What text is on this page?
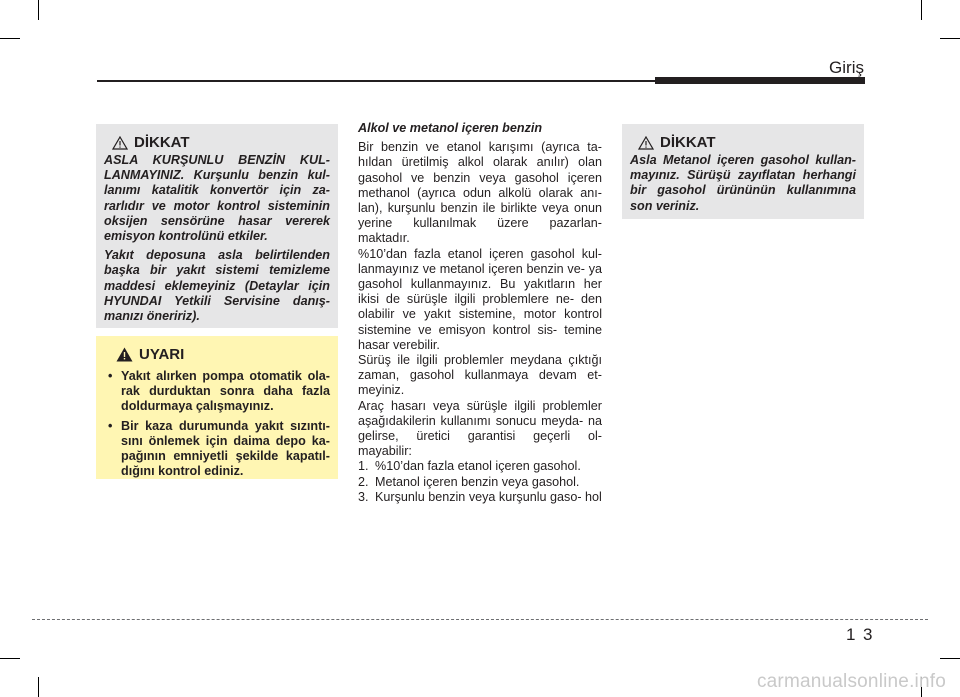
Giriş
DİKKAT

ASLA KURŞUNLU BENZİN KUL- LANMAYINIZ. Kurşunlu benzin kul- lanımı katalitik konvertör için za- rarlıdır ve motor kontrol sisteminin oksijen sensörüne hasar vererek emisyon kontrolünü etkiler.

Yakıt deposuna asla belirtilenden başka bir yakıt sistemi temizleme maddesi eklemeyiniz (Detaylar için HYUNDAI Yetkili Servisine danış- manızı öneririz).

UYARI
• Yakıt alırken pompa otomatik ola- rak durduktan sonra daha fazla doldurmaya çalışmayınız.
• Bir kaza durumunda yakıt sızıntı- sını önlemek için daima depo ka- pağının emniyetli şekilde kapatıl- dığını kontrol ediniz.
Alkol ve metanol içeren benzin

Bir benzin ve etanol karışımı (ayrıca ta- hıldan üretilmiş alkol olarak anılır) olan gasohol ve benzin veya gasohol içeren methanol (ayrıca odun alkolü olarak anı- lan), kurşunlu benzin ile birlikte veya onun yerine kullanılmak üzere pazarlan- maktadır.

%10’dan fazla etanol içeren gasohol kul- lanmayınız ve metanol içeren benzin ve- ya gasohol kullanmayınız. Bu yakıtların her ikisi de sürüşle ilgili problemlere ne- den olabilir ve yakıt sistemine, motor kontrol sistemine ve emisyon kontrol sis- temine hasar verebilir.

Sürüş ile ilgili problemler meydana çıktığı zaman, gasohol kullanmaya devam et- meyiniz.

Araç hasarı veya sürüşle ilgili problemler aşağıdakilerin kullanımı sonucu meyda- na gelirse, üretici garantisi geçerli ol- mayabilir:

1. %10’dan fazla etanol içeren gasohol.
2. Metanol içeren benzin veya gasohol.
3. Kurşunlu benzin veya kurşunlu gaso- hol
DİKKAT

Asla Metanol içeren gasohol kullan- mayınız. Sürüşü zayıflatan herhangi bir gasohol ürününün kullanımına son veriniz.

1 3
carmanualsonline.info
